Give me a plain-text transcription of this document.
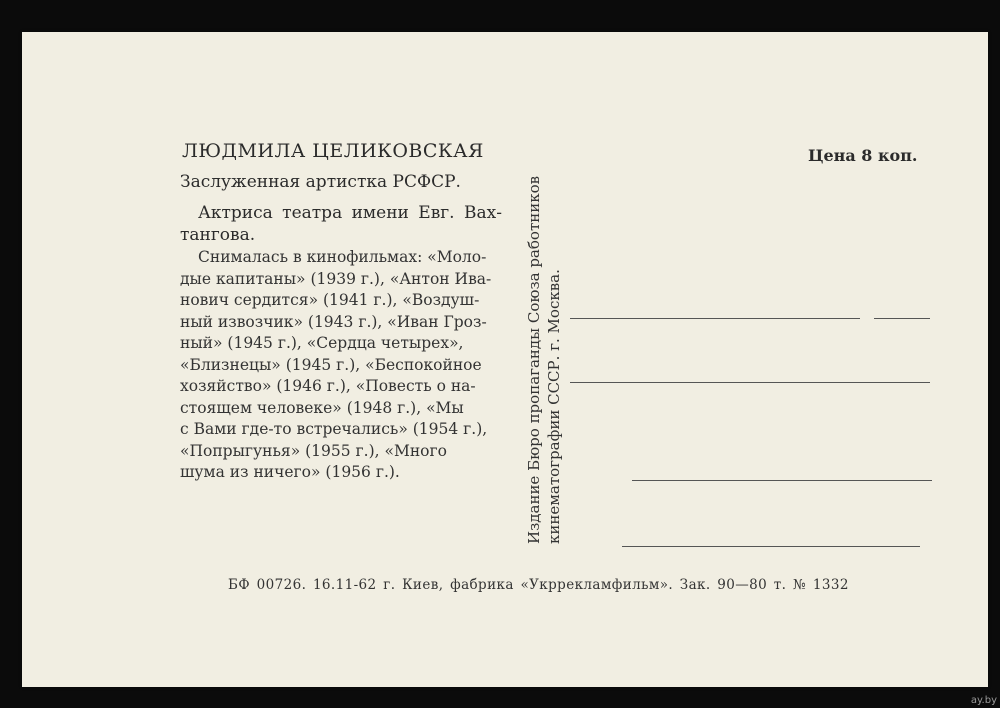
ЛЮДМИЛА ЦЕЛИКОВСКАЯ
Заслуженная артистка РСФСР.
Актриса театра имени Евг. Вах-
тангова.
Снималась в кинофильмах: «Моло-
дые капитаны» (1939 г.), «Антон Ива-
нович сердится» (1941 г.), «Воздуш-
ный извозчик» (1943 г.), «Иван Гроз-
ный» (1945 г.), «Сердца четырех»,
«Близнецы» (1945 г.), «Беспокойное
хозяйство» (1946 г.), «Повесть о на-
стоящем человеке» (1948 г.), «Мы
с Вами где-то встречались» (1954 г.),
«Попрыгунья» (1955 г.), «Много
шума из ничего» (1956 г.).	Издание Бюро пропаганды Союза работников кинематографии СССР. г. Москва.
Цена 8 коп.
БФ 00726. 16.11-62 г. Киев, фабрика «Укррекламфильм». Зак. 90—80 т. № 1332
ay.by
